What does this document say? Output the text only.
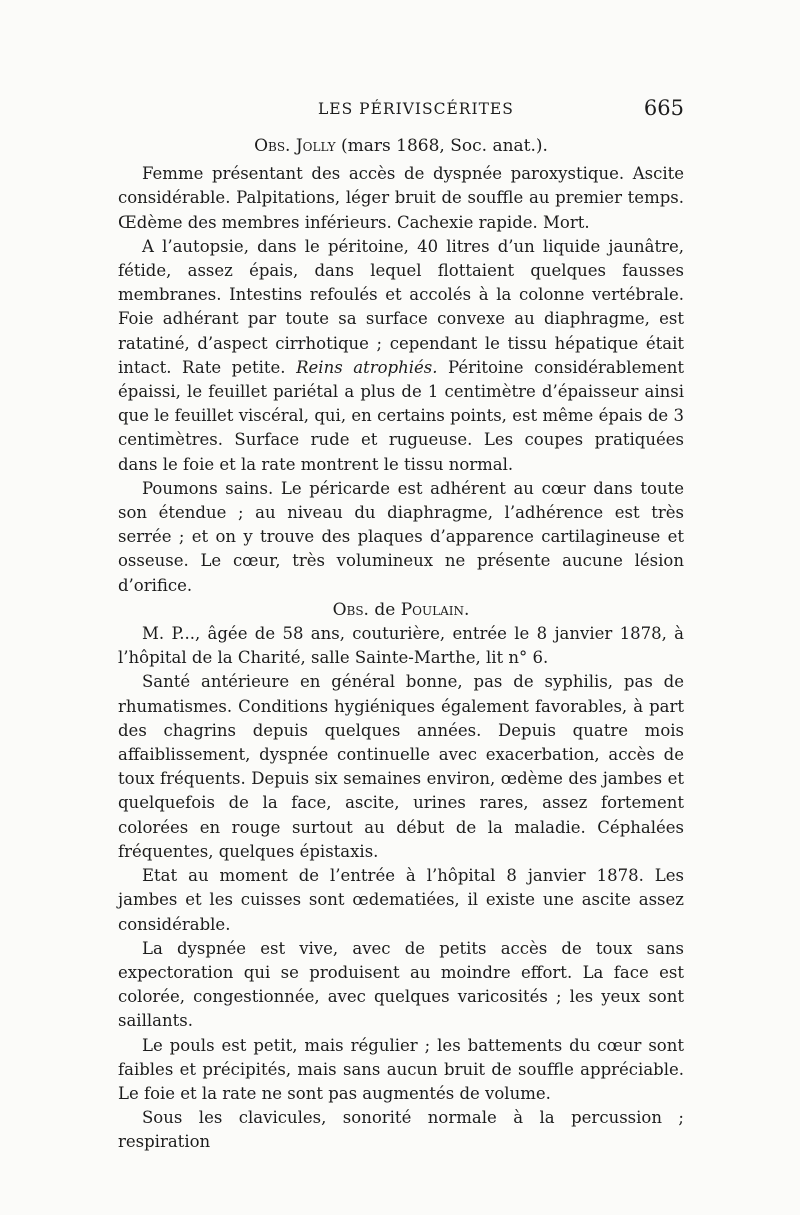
LES PÉRIVISCÉRITES	665

Obs. Jolly (mars 1868, Soc. anat.).

Femme présentant des accès de dyspnée paroxystique. Ascite considérable. Palpitations, léger bruit de souffle au premier temps. Œdème des membres inférieurs. Cachexie rapide. Mort.

A l’autopsie, dans le péritoine, 40 litres d’un liquide jaunâtre, fétide, assez épais, dans lequel flottaient quelques fausses membranes. Intestins refoulés et accolés à la colonne vertébrale. Foie adhérant par toute sa surface convexe au diaphragme, est ratatiné, d’aspect cirrhotique ; cependant le tissu hépatique était intact. Rate petite. Reins atrophiés. Péritoine considérablement épaissi, le feuillet pariétal a plus de 1 centimètre d’épaisseur ainsi que le feuillet viscéral, qui, en certains points, est même épais de 3 centimètres. Surface rude et rugueuse. Les coupes pratiquées dans le foie et la rate montrent le tissu normal.

Poumons sains. Le péricarde est adhérent au cœur dans toute son étendue ; au niveau du diaphragme, l’adhérence est très serrée ; et on y trouve des plaques d’apparence cartilagineuse et osseuse. Le cœur, très volumineux ne présente aucune lésion d’orifice.

Obs. de Poulain.

M. P..., âgée de 58 ans, couturière, entrée le 8 janvier 1878, à l’hôpital de la Charité, salle Sainte-Marthe, lit n° 6.

Santé antérieure en général bonne, pas de syphilis, pas de rhumatismes. Conditions hygiéniques également favorables, à part des chagrins depuis quelques années. Depuis quatre mois affaiblissement, dyspnée continuelle avec exacerbation, accès de toux fréquents. Depuis six semaines environ, œdème des jambes et quelquefois de la face, ascite, urines rares, assez fortement colorées en rouge surtout au début de la maladie. Céphalées fréquentes, quelques épistaxis.

Etat au moment de l’entrée à l’hôpital 8 janvier 1878. Les jambes et les cuisses sont œdematiées, il existe une ascite assez considérable.

La dyspnée est vive, avec de petits accès de toux sans expectoration qui se produisent au moindre effort. La face est colorée, congestionnée, avec quelques varicosités ; les yeux sont saillants.

Le pouls est petit, mais régulier ; les battements du cœur sont faibles et précipités, mais sans aucun bruit de souffle appréciable. Le foie et la rate ne sont pas augmentés de volume.

Sous les clavicules, sonorité normale à la percussion ; respiration
